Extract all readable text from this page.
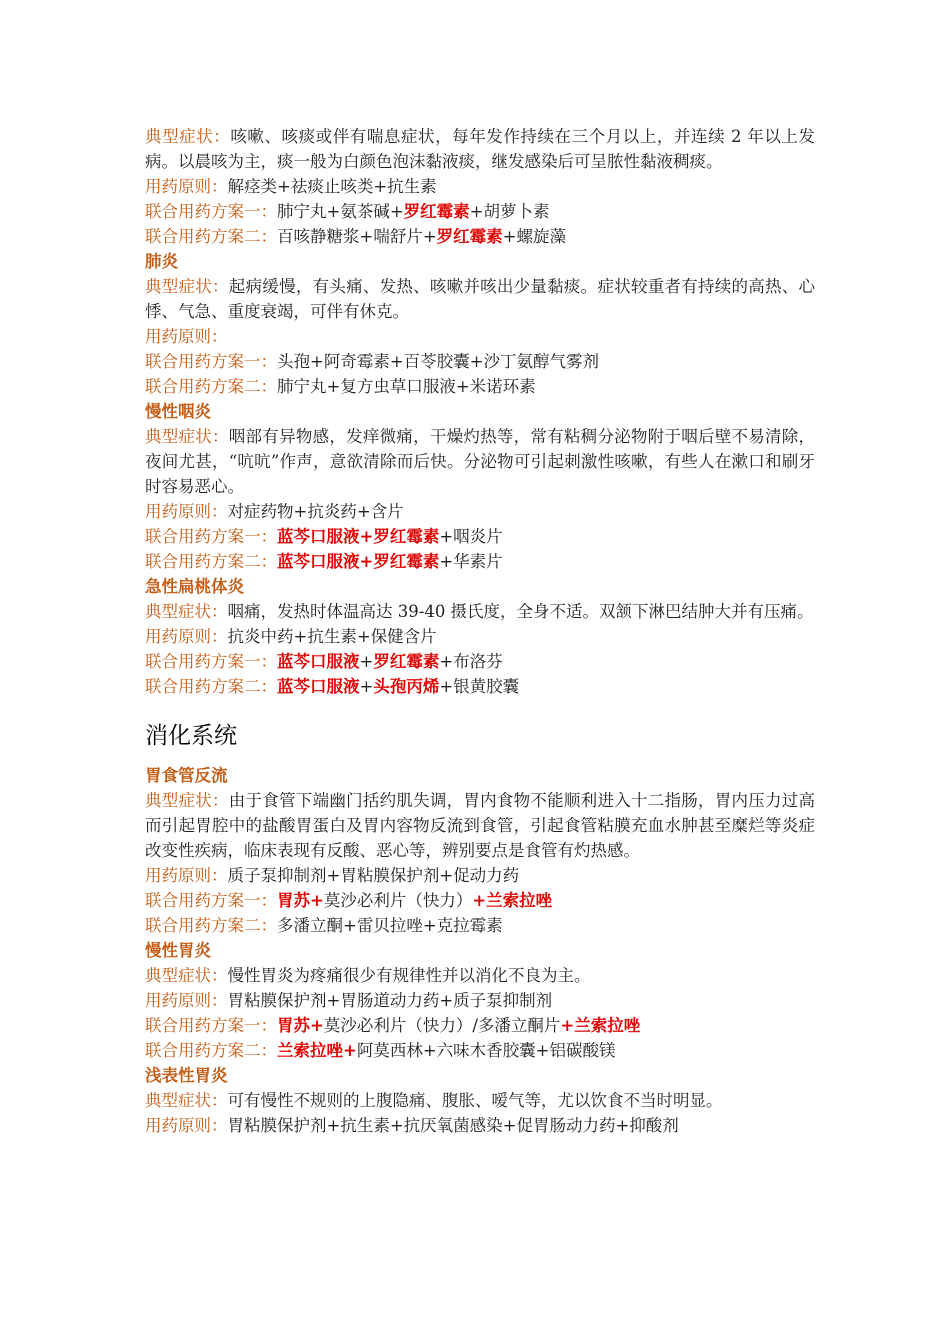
典型症状：咳嗽、咳痰或伴有喘息症状，每年发作持续在三个月以上，并连续 2 年以上发病。以晨咳为主，痰一般为白颜色泡沫黏液痰，继发感染后可呈脓性黏液稠痰。

用药原则：解痉类+祛痰止咳类+抗生素

联合用药方案一：肺宁丸+氨茶碱+罗红霉素+胡萝卜素

联合用药方案二：百咳静糖浆+喘舒片+罗红霉素+螺旋藻

肺炎

典型症状：起病缓慢，有头痛、发热、咳嗽并咳出少量黏痰。症状较重者有持续的高热、心悸、气急、重度衰竭，可伴有休克。

用药原则：

联合用药方案一：头孢+阿奇霉素+百苓胶囊+沙丁氨醇气雾剂

联合用药方案二：肺宁丸+复方虫草口服液+米诺环素

慢性咽炎

典型症状：咽部有异物感，发痒微痛，干燥灼热等，常有粘稠分泌物附于咽后壁不易清除，夜间尤甚，“吭吭”作声，意欲清除而后快。分泌物可引起刺激性咳嗽，有些人在漱口和刷牙时容易恶心。

用药原则：对症药物+抗炎药+含片

联合用药方案一：蓝芩口服液+罗红霉素+咽炎片

联合用药方案二：蓝芩口服液+罗红霉素+华素片

急性扁桃体炎

典型症状：咽痛，发热时体温高达 39-40 摄氏度，全身不适。双颔下淋巴结肿大并有压痛。

用药原则：抗炎中药+抗生素+保健含片

联合用药方案一：蓝芩口服液+罗红霉素+布洛芬

联合用药方案二：蓝芩口服液+头孢丙烯+银黄胶囊

消化系统

胃食管反流

典型症状：由于食管下端幽门括约肌失调，胃内食物不能顺利进入十二指肠，胃内压力过高而引起胃腔中的盐酸胃蛋白及胃内容物反流到食管，引起食管粘膜充血水肿甚至糜烂等炎症改变性疾病，临床表现有反酸、恶心等，辨别要点是食管有灼热感。

用药原则：质子泵抑制剂+胃粘膜保护剂+促动力药

联合用药方案一：胃苏+莫沙必利片（快力）+兰索拉唑

联合用药方案二：多潘立酮+雷贝拉唑+克拉霉素

慢性胃炎

典型症状：慢性胃炎为疼痛很少有规律性并以消化不良为主。

用药原则：胃粘膜保护剂+胃肠道动力药+质子泵抑制剂

联合用药方案一：胃苏+莫沙必利片（快力）/多潘立酮片+兰索拉唑

联合用药方案二：兰索拉唑+阿莫西林+六味木香胶囊+铝碳酸镁

浅表性胃炎

典型症状：可有慢性不规则的上腹隐痛、腹胀、嗳气等，尤以饮食不当时明显。

用药原则：胃粘膜保护剂+抗生素+抗厌氧菌感染+促胃肠动力药+抑酸剂
